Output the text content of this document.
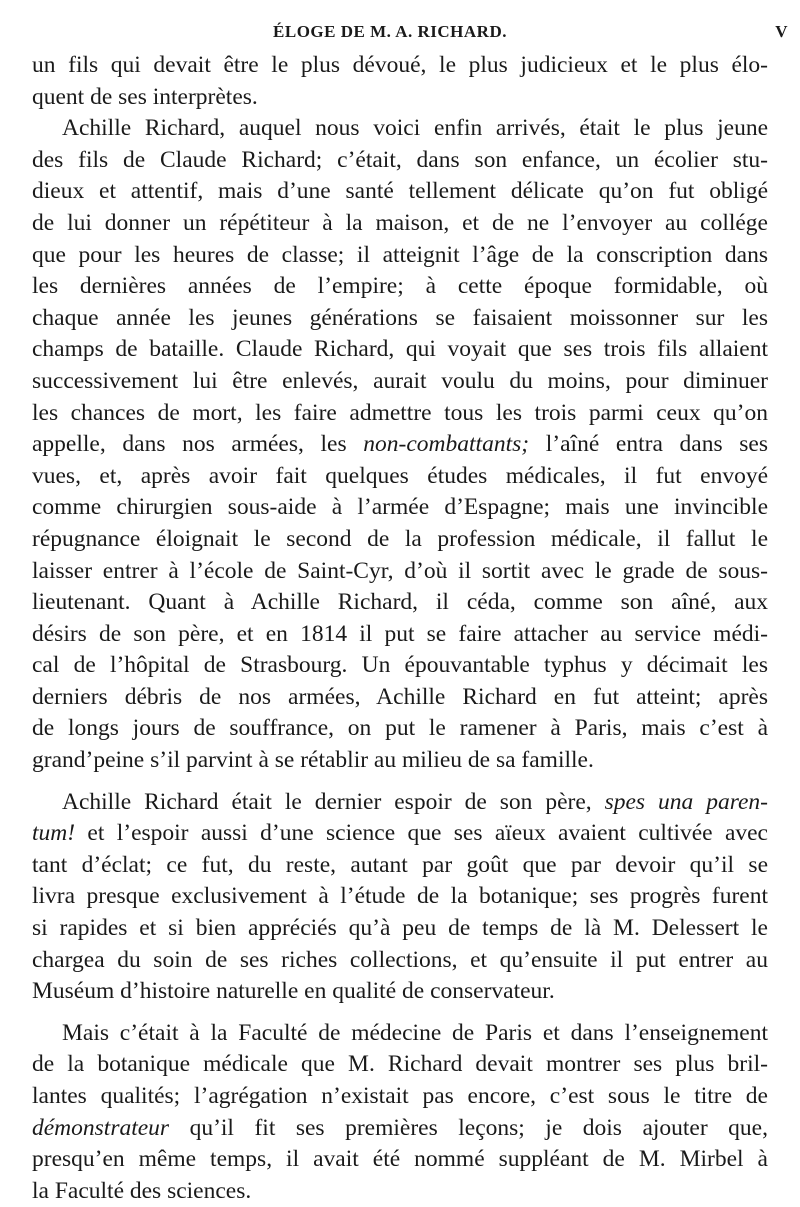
ÉLOGE DE M. A. RICHARD.	V
un fils qui devait être le plus dévoué, le plus judicieux et le plus élo-
quent de ses interprètes.
Achille Richard, auquel nous voici enfin arrivés, était le plus jeune
des fils de Claude Richard; c’était, dans son enfance, un écolier stu-
dieux et attentif, mais d’une santé tellement délicate qu’on fut obligé
de lui donner un répétiteur à la maison, et de ne l’envoyer au collége
que pour les heures de classe; il atteignit l’âge de la conscription dans
les dernières années de l’empire; à cette époque formidable, où
chaque année les jeunes générations se faisaient moissonner sur les
champs de bataille. Claude Richard, qui voyait que ses trois fils allaient
successivement lui être enlevés, aurait voulu du moins, pour diminuer
les chances de mort, les faire admettre tous les trois parmi ceux qu’on
appelle, dans nos armées, les non-combattants; l’aîné entra dans ses
vues, et, après avoir fait quelques études médicales, il fut envoyé
comme chirurgien sous-aide à l’armée d’Espagne; mais une invincible
répugnance éloignait le second de la profession médicale, il fallut le
laisser entrer à l’école de Saint-Cyr, d’où il sortit avec le grade de sous-
lieutenant. Quant à Achille Richard, il céda, comme son aîné, aux
désirs de son père, et en 1814 il put se faire attacher au service médi-
cal de l’hôpital de Strasbourg. Un épouvantable typhus y décimait les
derniers débris de nos armées, Achille Richard en fut atteint; après
de longs jours de souffrance, on put le ramener à Paris, mais c’est à
grand’peine s’il parvint à se rétablir au milieu de sa famille.
Achille Richard était le dernier espoir de son père, spes una paren-
tum! et l’espoir aussi d’une science que ses aïeux avaient cultivée avec
tant d’éclat; ce fut, du reste, autant par goût que par devoir qu’il se
livra presque exclusivement à l’étude de la botanique; ses progrès furent
si rapides et si bien appréciés qu’à peu de temps de là M. Delessert le
chargea du soin de ses riches collections, et qu’ensuite il put entrer au
Muséum d’histoire naturelle en qualité de conservateur.
Mais c’était à la Faculté de médecine de Paris et dans l’enseignement
de la botanique médicale que M. Richard devait montrer ses plus bril-
lantes qualités; l’agrégation n’existait pas encore, c’est sous le titre de
démonstrateur qu’il fit ses premières leçons; je dois ajouter que,
presqu’en même temps, il avait été nommé suppléant de M. Mirbel à
la Faculté des sciences.
